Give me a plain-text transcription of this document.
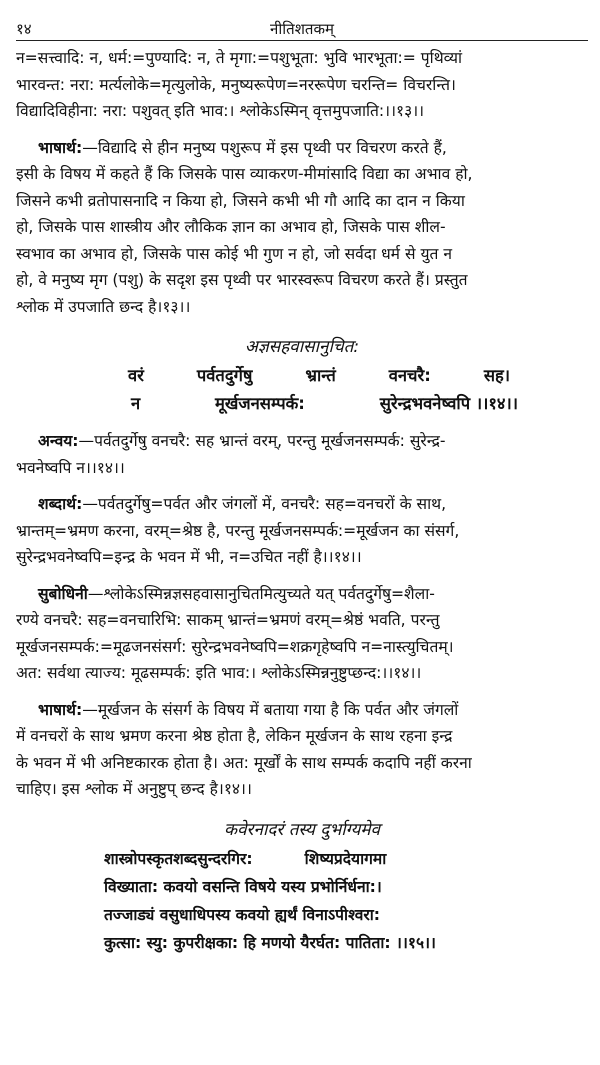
१४	नीतिशतकम्

न=सत्त्वादि: न, धर्म:=पुण्यादि: न, ते मृगा:=पशुभूता: भुवि भारभूता:= पृथिव्यां

भारवन्त: नरा: मर्त्यलोके=मृत्युलोके, मनुष्यरूपेण=नररूपेण चरन्ति= विचरन्ति।

विद्यादिविहीना: नरा: पशुवत् इति भाव:। श्लोकेऽस्मिन् वृत्तमुपजाति:।।१३।।

भाषार्थ:—विद्यादि से हीन मनुष्य पशुरूप में इस पृथ्वी पर विचरण करते हैं,

इसी के विषय में कहते हैं कि जिसके पास व्याकरण-मीमांसादि विद्या का अभाव हो,

जिसने कभी व्रतोपासनादि न किया हो, जिसने कभी भी गौ आदि का दान न किया

हो, जिसके पास शास्त्रीय और लौकिक ज्ञान का अभाव हो, जिसके पास शील-

स्वभाव का अभाव हो, जिसके पास कोई भी गुण न हो, जो सर्वदा धर्म से युत न

हो, वे मनुष्य मृग (पशु) के सदृश इस पृथ्वी पर भारस्वरूप विचरण करते हैं। प्रस्तुत

श्लोक में उपजाति छन्द है।१३।।

अज्ञसहवासानुचित:
वरं	पर्वतदुर्गेषु	भ्रान्तं	वनचरै:	सह।
न	मूर्खजनसम्पर्क:	सुरेन्द्रभवनेष्वपि ।।१४।।

अन्वय:—पर्वतदुर्गेषु वनचरै: सह भ्रान्तं वरम्, परन्तु मूर्खजनसम्पर्क: सुरेन्द्र-

भवनेष्वपि न।।१४।।

शब्दार्थ:—पर्वतदुर्गेषु=पर्वत और जंगलों में, वनचरै: सह=वनचरों के साथ,

भ्रान्तम्=भ्रमण करना, वरम्=श्रेष्ठ है, परन्तु मूर्खजनसम्पर्क:=मूर्खजन का संसर्ग,

सुरेन्द्रभवनेष्वपि=इन्द्र के भवन में भी, न=उचित नहीं है।।१४।।

सुबोधिनी—श्लोकेऽस्मिन्नज्ञसहवासानुचितमित्युच्यते यत् पर्वतदुर्गेषु=शैला-

रण्ये वनचरै: सह=वनचारिभि: साकम् भ्रान्तं=भ्रमणं वरम्=श्रेष्ठं भवति, परन्तु

मूर्खजनसम्पर्क:=मूढजनसंसर्ग: सुरेन्द्रभवनेष्वपि=शक्रगृहेष्वपि न=नास्त्युचितम्।

अत: सर्वथा त्याज्य: मूढसम्पर्क: इति भाव:। श्लोकेऽस्मिन्ननुष्टुप्छन्द:।।१४।।

भाषार्थ:—मूर्खजन के संसर्ग के विषय में बताया गया है कि पर्वत और जंगलों

में वनचरों के साथ भ्रमण करना श्रेष्ठ होता है, लेकिन मूर्खजन के साथ रहना इन्द्र

के भवन में भी अनिष्टकारक होता है। अत: मूर्खों के साथ सम्पर्क कदापि नहीं करना

चाहिए। इस श्लोक में अनुष्टुप् छन्द है।१४।।

कवेरनादरं तस्य दुर्भाग्यमेव
शास्त्रोपस्कृतशब्दसुन्दरगिर:	शिष्यप्रदेयागमा
विख्याता: कवयो वसन्ति विषये यस्य प्रभोर्निर्धना:।
तज्जाड्यं वसुधाधिपस्य कवयो ह्यर्थं विनाऽपीश्वरा:
कुत्सा: स्यु: कुपरीक्षका: हि मणयो यैरर्घत: पातिता: ।।१५।।
